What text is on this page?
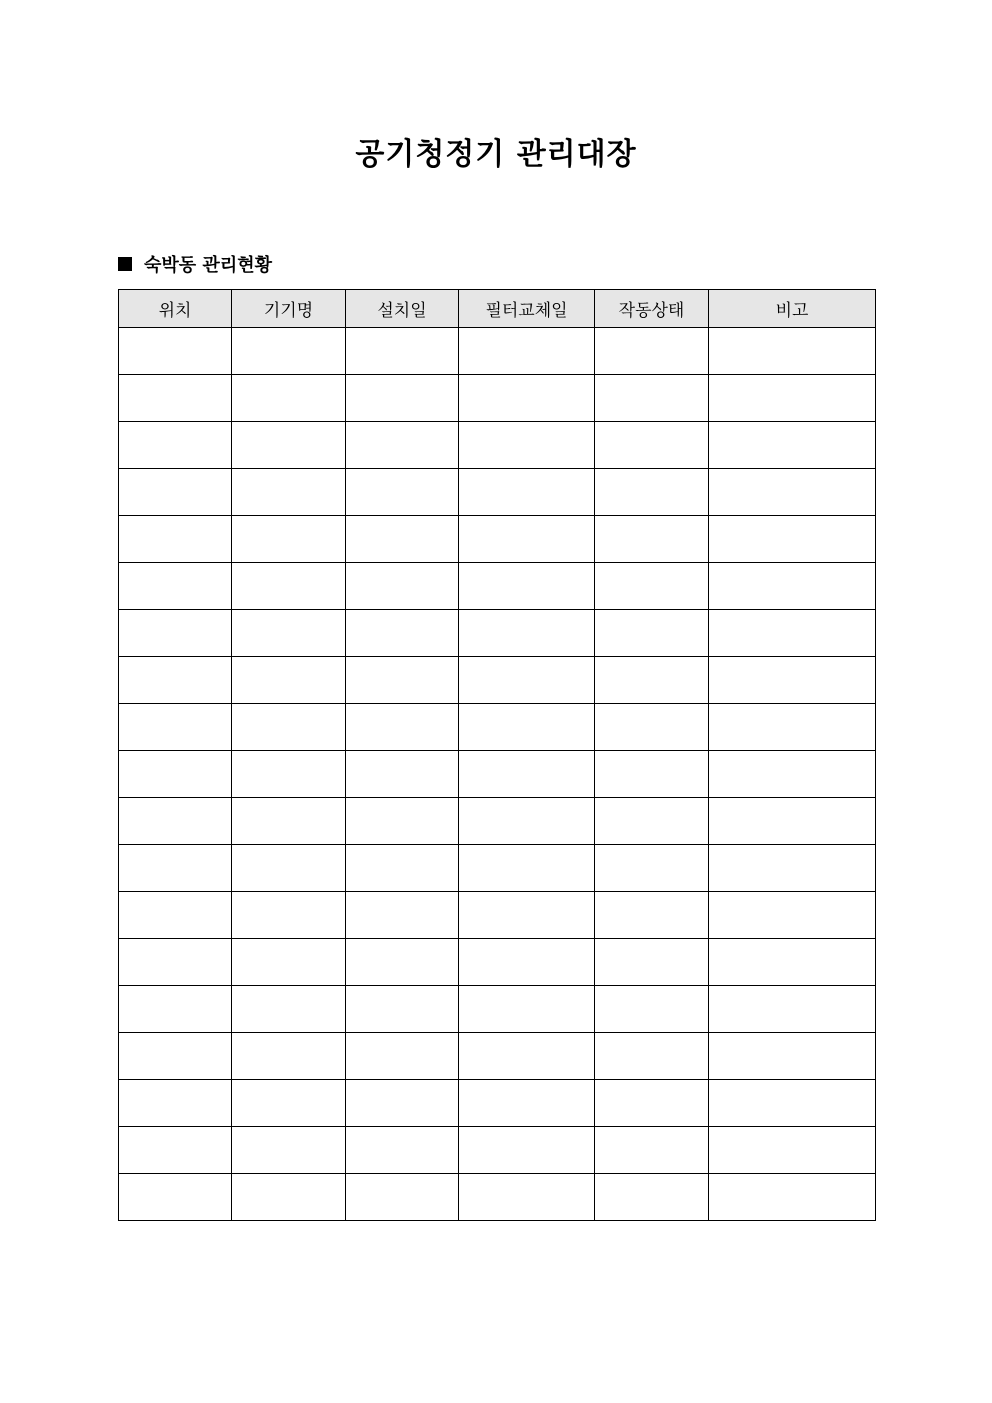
공기청정기 관리대장
숙박동 관리현황
위치	기기명	설치일	필터교체일	작동상태	비고
